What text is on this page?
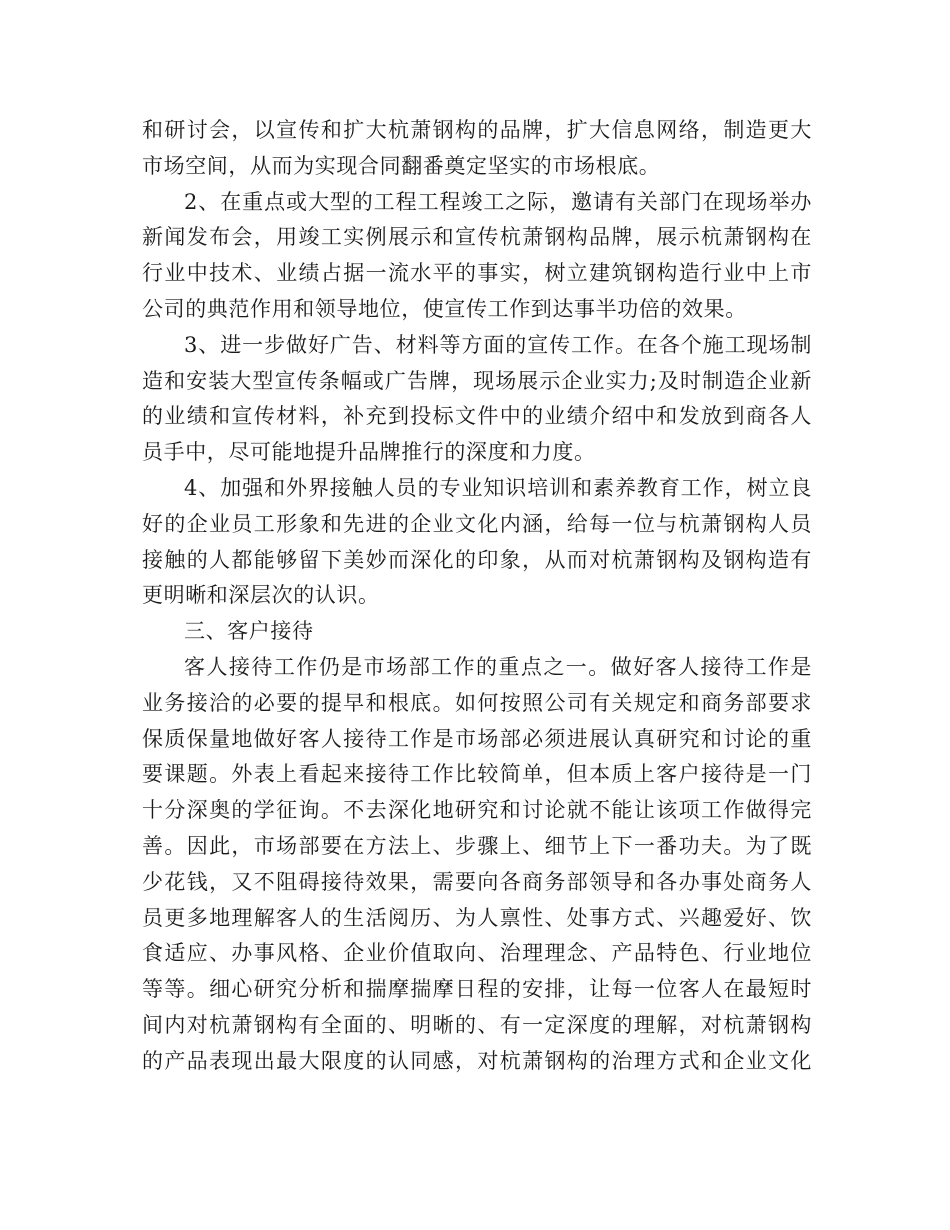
和研讨会，以宣传和扩大杭萧钢构的品牌，扩大信息网络，制造更大
市场空间，从而为实现合同翻番奠定坚实的市场根底。
2、在重点或大型的工程工程竣工之际，邀请有关部门在现场举办
新闻发布会，用竣工实例展示和宣传杭萧钢构品牌，展示杭萧钢构在
行业中技术、业绩占据一流水平的事实，树立建筑钢构造行业中上市
公司的典范作用和领导地位，使宣传工作到达事半功倍的效果。
3、进一步做好广告、材料等方面的宣传工作。在各个施工现场制
造和安装大型宣传条幅或广告牌，现场展示企业实力;及时制造企业新
的业绩和宣传材料，补充到投标文件中的业绩介绍中和发放到商各人
员手中，尽可能地提升品牌推行的深度和力度。
4、加强和外界接触人员的专业知识培训和素养教育工作，树立良
好的企业员工形象和先进的企业文化内涵，给每一位与杭萧钢构人员
接触的人都能够留下美妙而深化的印象，从而对杭萧钢构及钢构造有
更明晰和深层次的认识。
三、客户接待
客人接待工作仍是市场部工作的重点之一。做好客人接待工作是
业务接洽的必要的提早和根底。如何按照公司有关规定和商务部要求
保质保量地做好客人接待工作是市场部必须进展认真研究和讨论的重
要课题。外表上看起来接待工作比较简单，但本质上客户接待是一门
十分深奥的学征询。不去深化地研究和讨论就不能让该项工作做得完
善。因此，市场部要在方法上、步骤上、细节上下一番功夫。为了既
少花钱，又不阻碍接待效果，需要向各商务部领导和各办事处商务人
员更多地理解客人的生活阅历、为人禀性、处事方式、兴趣爱好、饮
食适应、办事风格、企业价值取向、治理理念、产品特色、行业地位
等等。细心研究分析和揣摩揣摩日程的安排，让每一位客人在最短时
间内对杭萧钢构有全面的、明晰的、有一定深度的理解，对杭萧钢构
的产品表现出最大限度的认同感，对杭萧钢构的治理方式和企业文化
